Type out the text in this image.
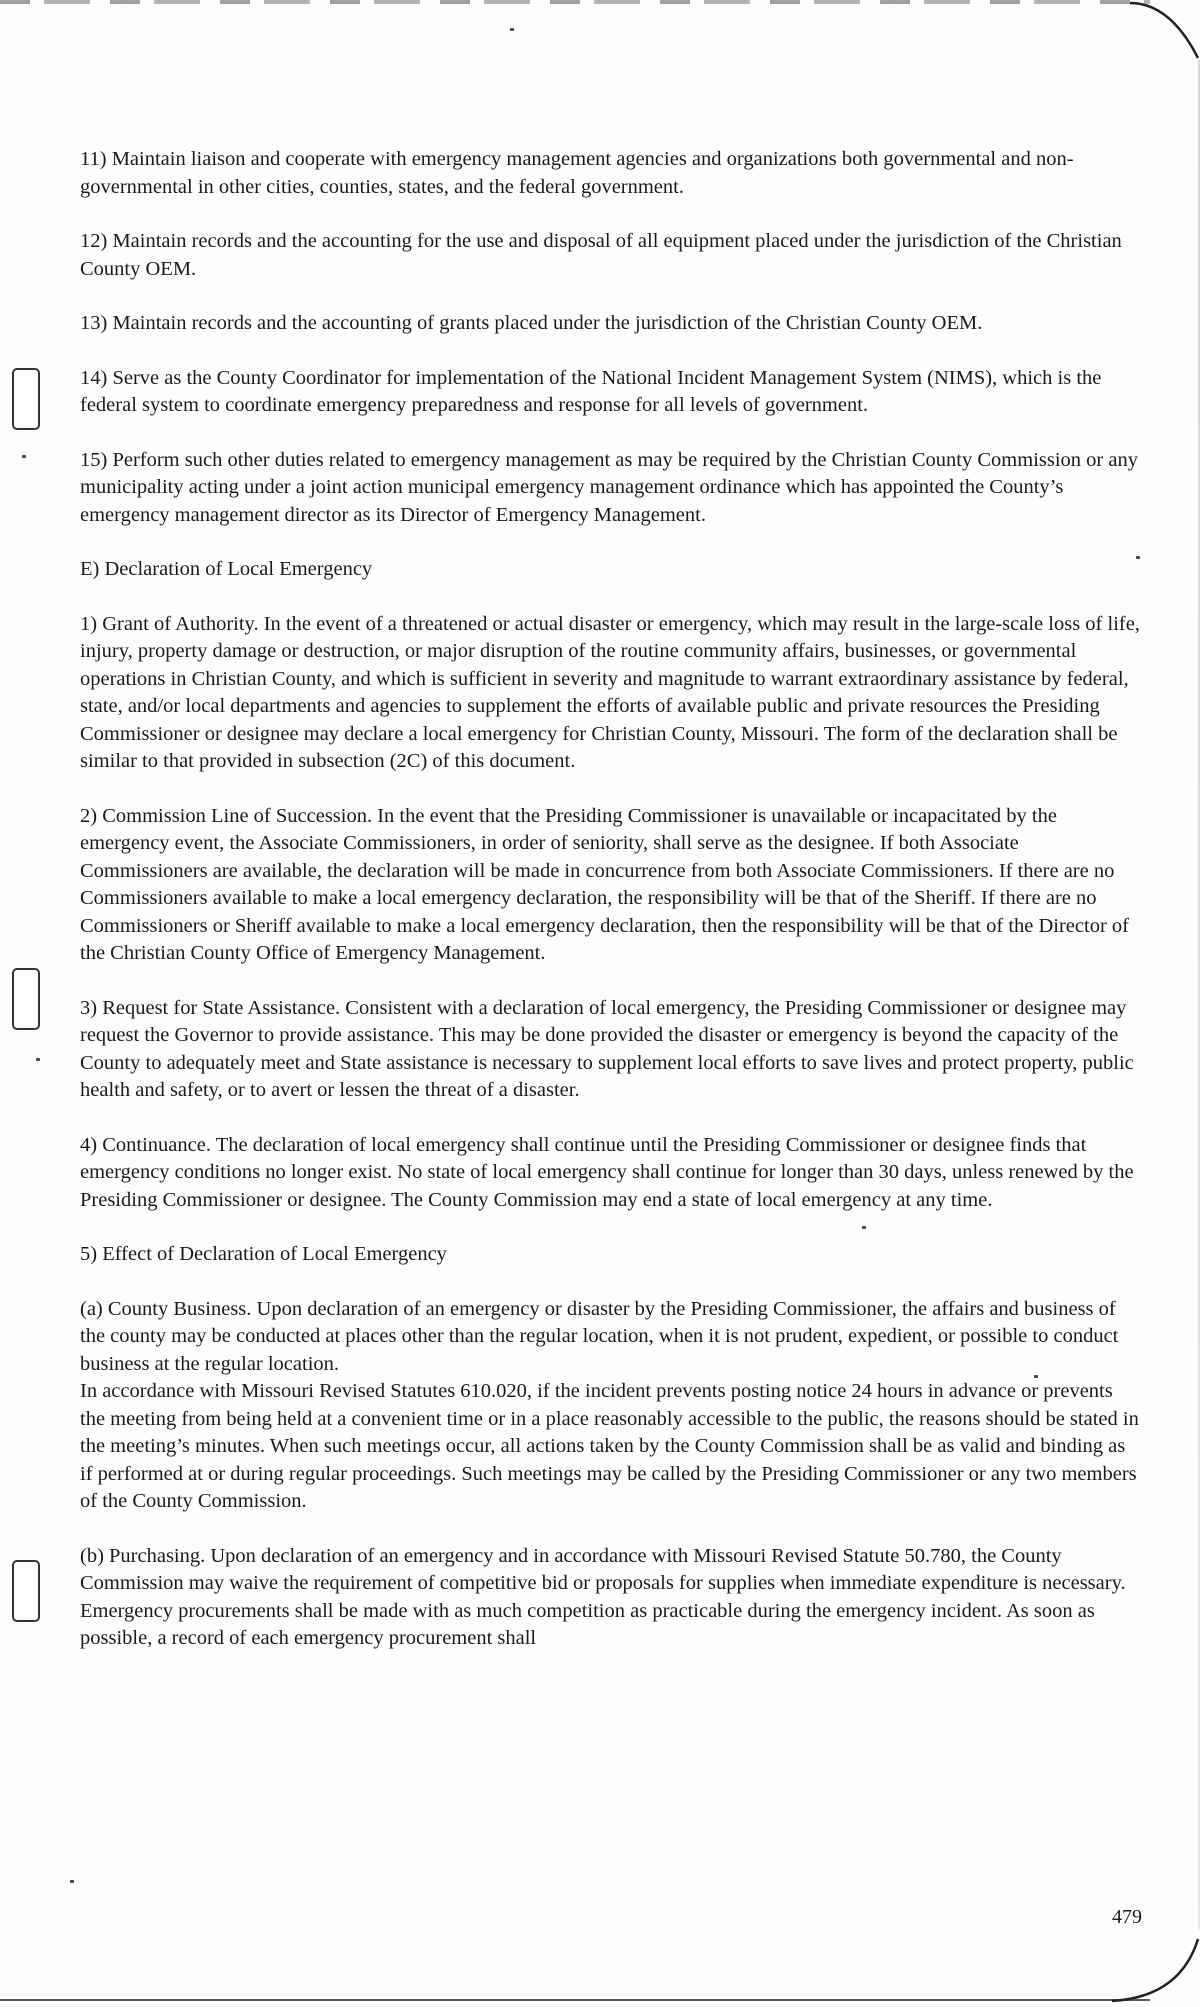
11) Maintain liaison and cooperate with emergency management agencies and organizations both governmental and non-governmental in other cities, counties, states, and the federal government.

12) Maintain records and the accounting for the use and disposal of all equipment placed under the jurisdiction of the Christian County OEM.

13) Maintain records and the accounting of grants placed under the jurisdiction of the Christian County OEM.

14) Serve as the County Coordinator for implementation of the National Incident Management System (NIMS), which is the federal system to coordinate emergency preparedness and response for all levels of government.

15) Perform such other duties related to emergency management as may be required by the Christian County Commission or any municipality acting under a joint action municipal emergency management ordinance which has appointed the County’s emergency management director as its Director of Emergency Management.

E) Declaration of Local Emergency

1) Grant of Authority. In the event of a threatened or actual disaster or emergency, which may result in the large-scale loss of life, injury, property damage or destruction, or major disruption of the routine community affairs, businesses, or governmental operations in Christian County, and which is sufficient in severity and magnitude to warrant extraordinary assistance by federal, state, and/or local departments and agencies to supplement the efforts of available public and private resources the Presiding Commissioner or designee may declare a local emergency for Christian County, Missouri. The form of the declaration shall be similar to that provided in subsection (2C) of this document.

2) Commission Line of Succession. In the event that the Presiding Commissioner is unavailable or incapacitated by the emergency event, the Associate Commissioners, in order of seniority, shall serve as the designee. If both Associate Commissioners are available, the declaration will be made in concurrence from both Associate Commissioners. If there are no Commissioners available to make a local emergency declaration, the responsibility will be that of the Sheriff. If there are no Commissioners or Sheriff available to make a local emergency declaration, then the responsibility will be that of the Director of the Christian County Office of Emergency Management.

3) Request for State Assistance. Consistent with a declaration of local emergency, the Presiding Commissioner or designee may request the Governor to provide assistance. This may be done provided the disaster or emergency is beyond the capacity of the County to adequately meet and State assistance is necessary to supplement local efforts to save lives and protect property, public health and safety, or to avert or lessen the threat of a disaster.

4) Continuance. The declaration of local emergency shall continue until the Presiding Commissioner or designee finds that emergency conditions no longer exist. No state of local emergency shall continue for longer than 30 days, unless renewed by the Presiding Commissioner or designee. The County Commission may end a state of local emergency at any time.

5) Effect of Declaration of Local Emergency

(a) County Business. Upon declaration of an emergency or disaster by the Presiding Commissioner, the affairs and business of the county may be conducted at places other than the regular location, when it is not prudent, expedient, or possible to conduct business at the regular location.
In accordance with Missouri Revised Statutes 610.020, if the incident prevents posting notice 24 hours in advance or prevents the meeting from being held at a convenient time or in a place reasonably accessible to the public, the reasons should be stated in the meeting’s minutes. When such meetings occur, all actions taken by the County Commission shall be as valid and binding as if performed at or during regular proceedings. Such meetings may be called by the Presiding Commissioner or any two members of the County Commission.

(b) Purchasing. Upon declaration of an emergency and in accordance with Missouri Revised Statute 50.780, the County Commission may waive the requirement of competitive bid or proposals for supplies when immediate expenditure is necessary. Emergency procurements shall be made with as much competition as practicable during the emergency incident. As soon as possible, a record of each emergency procurement shall

479
